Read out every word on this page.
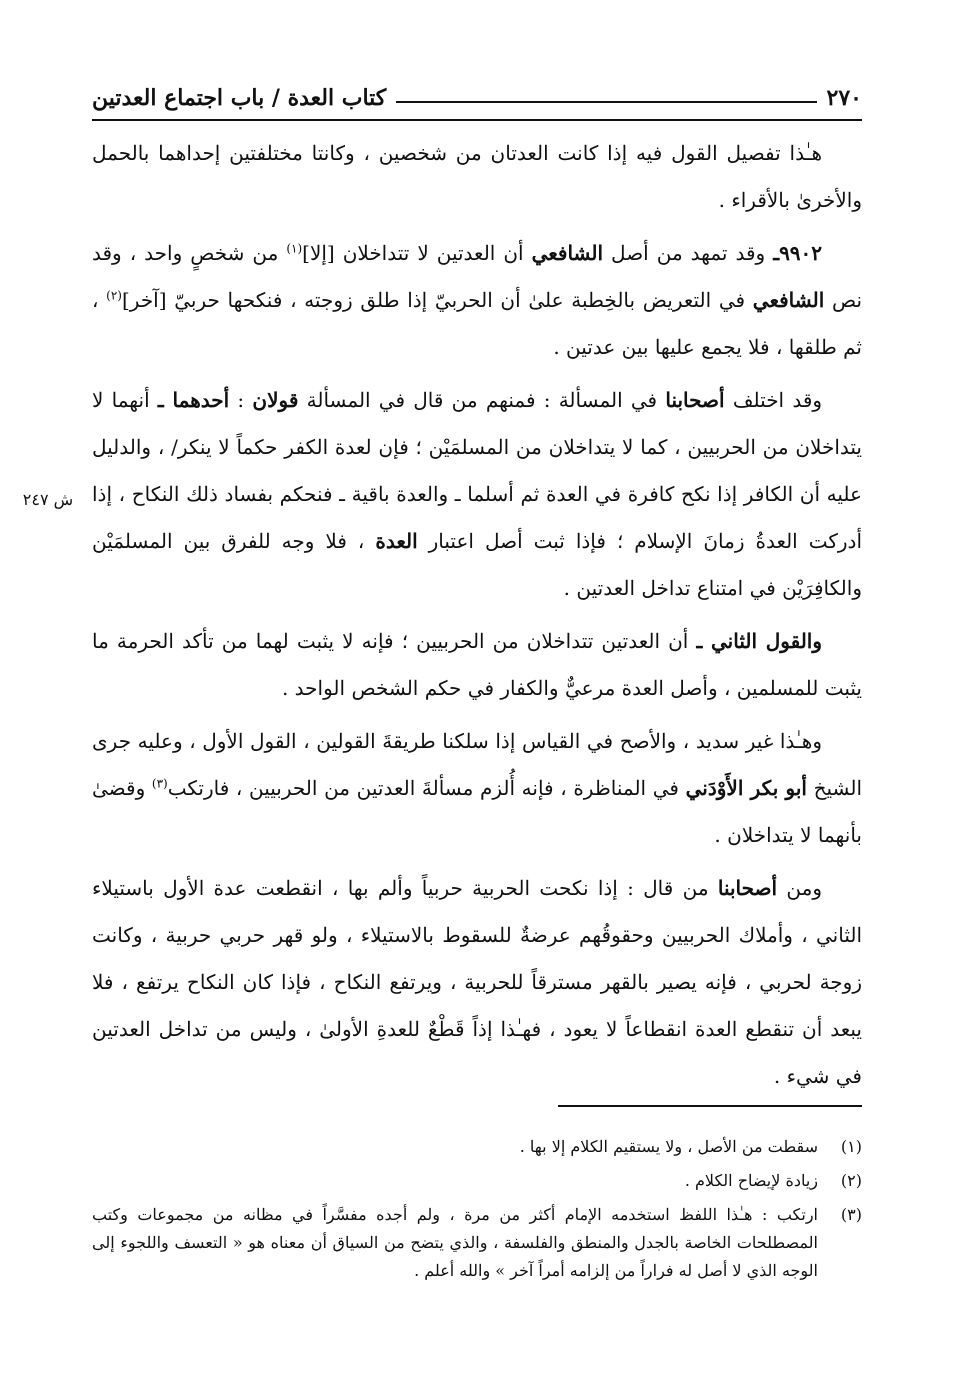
٢٧٠
كتاب العدة / باب اجتماع العدتين
ش ٢٤٧

هـٰذا تفصيل القول فيه إذا كانت العدتان من شخصين ، وكانتا مختلفتين إحداهما بالحمل والأخرىٰ بالأقراء .

٩٩٠٢ـ وقد تمهد من أصل الشافعي أن العدتين لا تتداخلان [إلا]$^{(١)}$ من شخصٍ واحد ، وقد نص الشافعي في التعريض بالخِطبة علىٰ أن الحربيّ إذا طلق زوجته ، فنكحها حربيّ [آخر]$^{(٢)}$ ، ثم طلقها ، فلا يجمع عليها بين عدتين .

وقد اختلف أصحابنا في المسألة : فمنهم من قال في المسألة قولان : أحدهما ـ أنهما لا يتداخلان من الحربيين ، كما لا يتداخلان من المسلمَيْن ؛ فإن لعدة الكفر حكماً لا ينكر/ ، والدليل عليه أن الكافر إذا نكح كافرة في العدة ثم أسلما ـ والعدة باقية ـ فنحكم بفساد ذلك النكاح ، إذا أدركت العدةُ زمانَ الإسلام ؛ فإذا ثبت أصل اعتبار العدة ، فلا وجه للفرق بين المسلمَيْن والكافِرَيْن في امتناع تداخل العدتين .

والقول الثاني ـ أن العدتين تتداخلان من الحربيين ؛ فإنه لا يثبت لهما من تأكد الحرمة ما يثبت للمسلمين ، وأصل العدة مرعيٌّ والكفار في حكم الشخص الواحد .

وهـٰذا غير سديد ، والأصح في القياس إذا سلكنا طريقةَ القولين ، القول الأول ، وعليه جرى الشيخ أبو بكر الأَوْدَني في المناظرة ، فإنه أُلزم مسألةَ العدتين من الحربيين ، فارتكب$^{(٣)}$ وقضىٰ بأنهما لا يتداخلان .

ومن أصحابنا من قال : إذا نكحت الحربية حربياً وألم بها ، انقطعت عدة الأول باستيلاء الثاني ، وأملاك الحربيين وحقوقُهم عرضةٌ للسقوط بالاستيلاء ، ولو قهر حربي حربية ، وكانت زوجة لحربي ، فإنه يصير بالقهر مسترقاً للحربية ، ويرتفع النكاح ، فإذا كان النكاح يرتفع ، فلا يبعد أن تنقطع العدة انقطاعاً لا يعود ، فهـٰذا إذاً قَطْعٌ للعدةِ الأولىٰ ، وليس من تداخل العدتين في شيء .

(١)
سقطت من الأصل ، ولا يستقيم الكلام إلا بها .
(٢)
زيادة لإيضاح الكلام .
(٣)
ارتكب : هـٰذا اللفظ استخدمه الإمام أكثر من مرة ، ولم أجده مفسَّراً في مظانه من مجموعات وكتب المصطلحات الخاصة بالجدل والمنطق والفلسفة ، والذي يتضح من السياق أن معناه هو « التعسف واللجوء إلى الوجه الذي لا أصل له فراراً من إلزامه أمراً آخر » والله أعلم .
